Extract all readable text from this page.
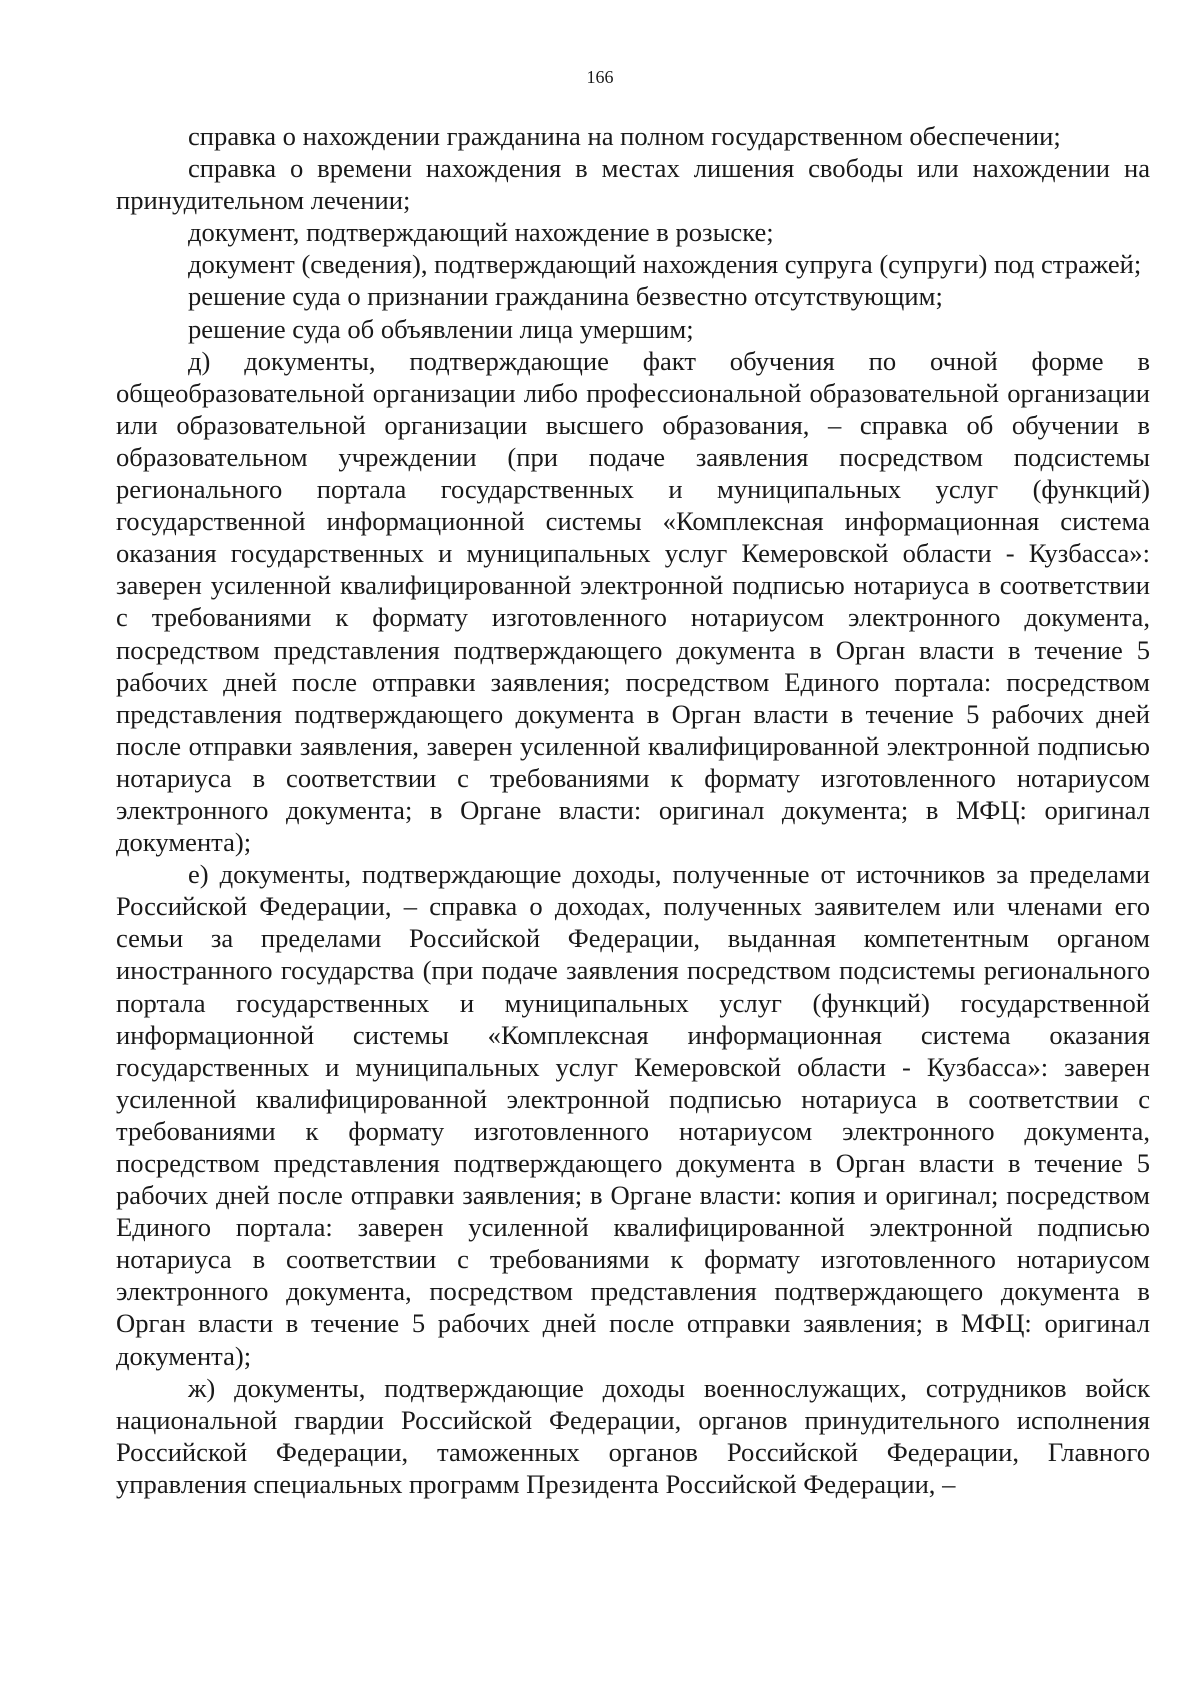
166

справка о нахождении гражданина на полном государственном обеспечении;

справка о времени нахождения в местах лишения свободы или нахождении на принудительном лечении;

документ, подтверждающий нахождение в розыске;

документ (сведения), подтверждающий нахождения супруга (супруги) под стражей;

решение суда о признании гражданина безвестно отсутствующим;

решение суда об объявлении лица умершим;

д) документы, подтверждающие факт обучения по очной форме в общеобразовательной организации либо профессиональной образовательной организации или образовательной организации высшего образования, – справка об обучении в образовательном учреждении (при подаче заявления посредством подсистемы регионального портала государственных и муниципальных услуг (функций) государственной информационной системы «Комплексная информационная система оказания государственных и муниципальных услуг Кемеровской области - Кузбасса»: заверен усиленной квалифицированной электронной подписью нотариуса в соответствии с требованиями к формату изготовленного нотариусом электронного документа, посредством представления подтверждающего документа в Орган власти в течение 5 рабочих дней после отправки заявления; посредством Единого портала: посредством представления подтверждающего документа в Орган власти в течение 5 рабочих дней после отправки заявления, заверен усиленной квалифицированной электронной подписью нотариуса в соответствии с требованиями к формату изготовленного нотариусом электронного документа; в Органе власти: оригинал документа; в МФЦ: оригинал документа);

е) документы, подтверждающие доходы, полученные от источников за пределами Российской Федерации, – справка о доходах, полученных заявителем или членами его семьи за пределами Российской Федерации, выданная компетентным органом иностранного государства (при подаче заявления посредством подсистемы регионального портала государственных и муниципальных услуг (функций) государственной информационной системы «Комплексная информационная система оказания государственных и муниципальных услуг Кемеровской области - Кузбасса»: заверен усиленной квалифицированной электронной подписью нотариуса в соответствии с требованиями к формату изготовленного нотариусом электронного документа, посредством представления подтверждающего документа в Орган власти в течение 5 рабочих дней после отправки заявления; в Органе власти: копия и оригинал; посредством Единого портала: заверен усиленной квалифицированной электронной подписью нотариуса в соответствии с требованиями к формату изготовленного нотариусом электронного документа, посредством представления подтверждающего документа в Орган власти в течение 5 рабочих дней после отправки заявления; в МФЦ: оригинал документа);

ж) документы, подтверждающие доходы военнослужащих, сотрудников войск национальной гвардии Российской Федерации, органов принудительного исполнения Российской Федерации, таможенных органов Российской Федерации, Главного управления специальных программ Президента Российской Федерации, –
